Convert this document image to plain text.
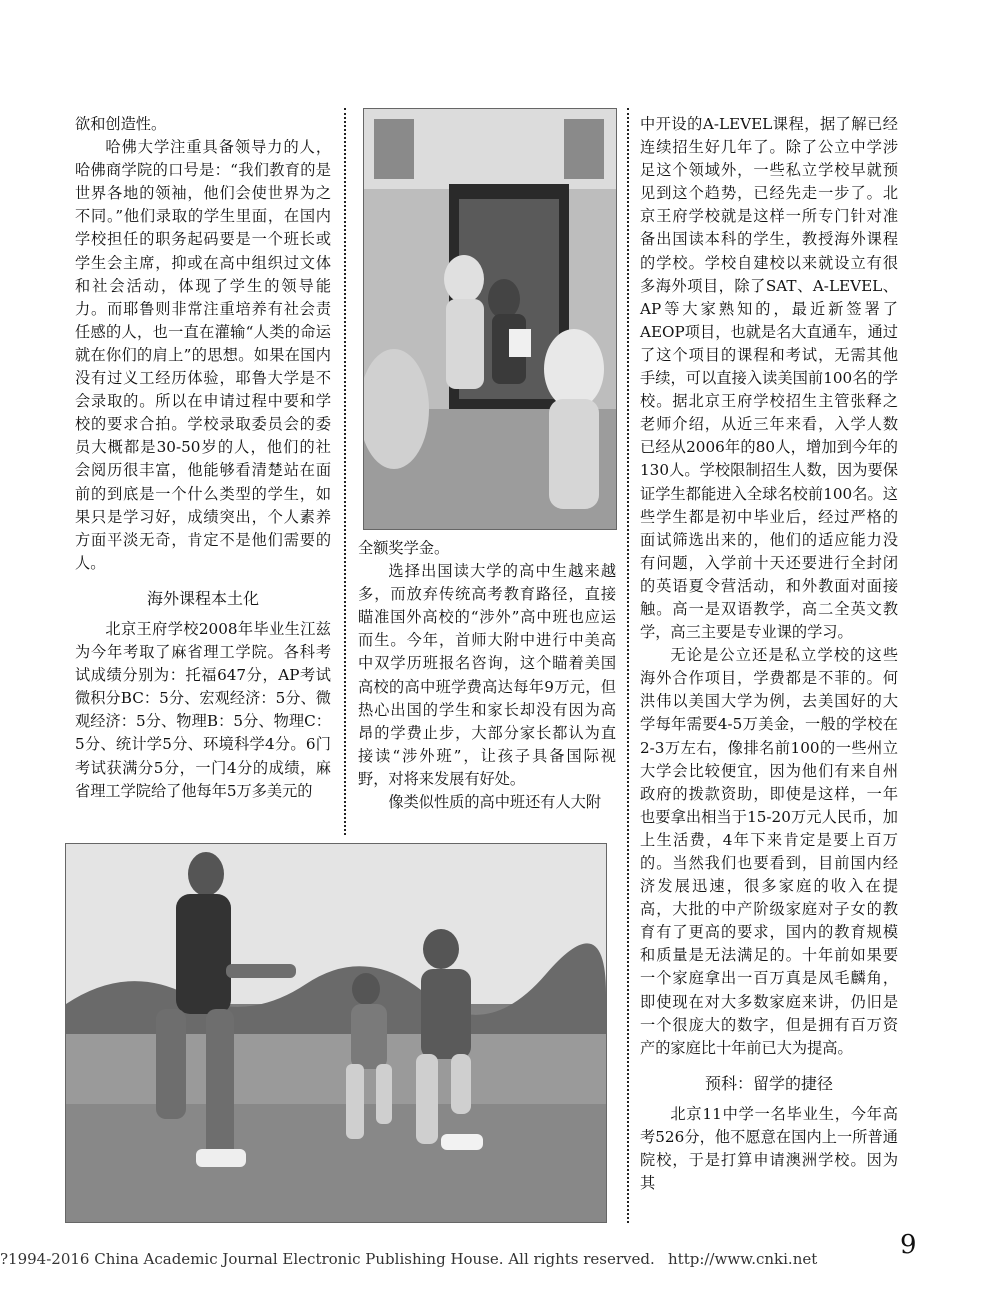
欲和创造性。

哈佛大学注重具备领导力的人，哈佛商学院的口号是：“我们教育的是世界各地的领袖，他们会使世界为之不同。”他们录取的学生里面，在国内学校担任的职务起码要是一个班长或学生会主席，抑或在高中组织过文体和社会活动，体现了学生的领导能力。而耶鲁则非常注重培养有社会责任感的人，也一直在灌输“人类的命运就在你们的肩上”的思想。如果在国内没有过义工经历体验，耶鲁大学是不会录取的。所以在申请过程中要和学校的要求合拍。学校录取委员会的委员大概都是30-50岁的人，他们的社会阅历很丰富，他能够看清楚站在面前的到底是一个什么类型的学生，如果只是学习好，成绩突出，个人素养方面平淡无奇，肯定不是他们需要的人。

海外课程本土化

北京王府学校2008年毕业生江兹为今年考取了麻省理工学院。各科考试成绩分别为：托福647分，AP考试微积分BC：5分、宏观经济：5分、微观经济：5分、物理B：5分、物理C：5分、统计学5分、环境科学4分。6门考试获满分5分，一门4分的成绩，麻省理工学院给了他每年5万多美元的

全额奖学金。

选择出国读大学的高中生越来越多，而放弃传统高考教育路径，直接瞄准国外高校的“涉外”高中班也应运而生。今年，首师大附中进行中美高中双学历班报名咨询，这个瞄着美国高校的高中班学费高达每年9万元，但热心出国的学生和家长却没有因为高昂的学费止步，大部分家长都认为直接读“涉外班”，让孩子具备国际视野，对将来发展有好处。

像类似性质的高中班还有人大附

中开设的A-LEVEL课程，据了解已经连续招生好几年了。除了公立中学涉足这个领域外，一些私立学校早就预见到这个趋势，已经先走一步了。北京王府学校就是这样一所专门针对准备出国读本科的学生，教授海外课程的学校。学校自建校以来就设立有很多海外项目，除了SAT、A-LEVEL、AP等大家熟知的，最近新签署了AEOP项目，也就是名大直通车，通过了这个项目的课程和考试，无需其他手续，可以直接入读美国前100名的学校。据北京王府学校招生主管张释之老师介绍，从近三年来看，入学人数已经从2006年的80人，增加到今年的130人。学校限制招生人数，因为要保证学生都能进入全球名校前100名。这些学生都是初中毕业后，经过严格的面试筛选出来的，他们的适应能力没有问题，入学前十天还要进行全封闭的英语夏令营活动，和外教面对面接触。高一是双语教学，高二全英文教学，高三主要是专业课的学习。

无论是公立还是私立学校的这些海外合作项目，学费都是不菲的。何洪伟以美国大学为例，去美国好的大学每年需要4-5万美金，一般的学校在2-3万左右，像排名前100的一些州立大学会比较便宜，因为他们有来自州政府的拨款资助，即使是这样，一年也要拿出相当于15-20万元人民币，加上生活费，4年下来肯定是要上百万的。当然我们也要看到，目前国内经济发展迅速，很多家庭的收入在提高，大批的中产阶级家庭对子女的教育有了更高的要求，国内的教育规模和质量是无法满足的。十年前如果要一个家庭拿出一百万真是凤毛麟角，即使现在对大多数家庭来讲，仍旧是一个很庞大的数字，但是拥有百万资产的家庭比十年前已大为提高。

预科：留学的捷径

北京11中学一名毕业生，今年高考526分，他不愿意在国内上一所普通院校，于是打算申请澳洲学校。因为其

?1994-2016 China Academic Journal Electronic Publishing House. All rights reserved. http://www.cnki.net	9
